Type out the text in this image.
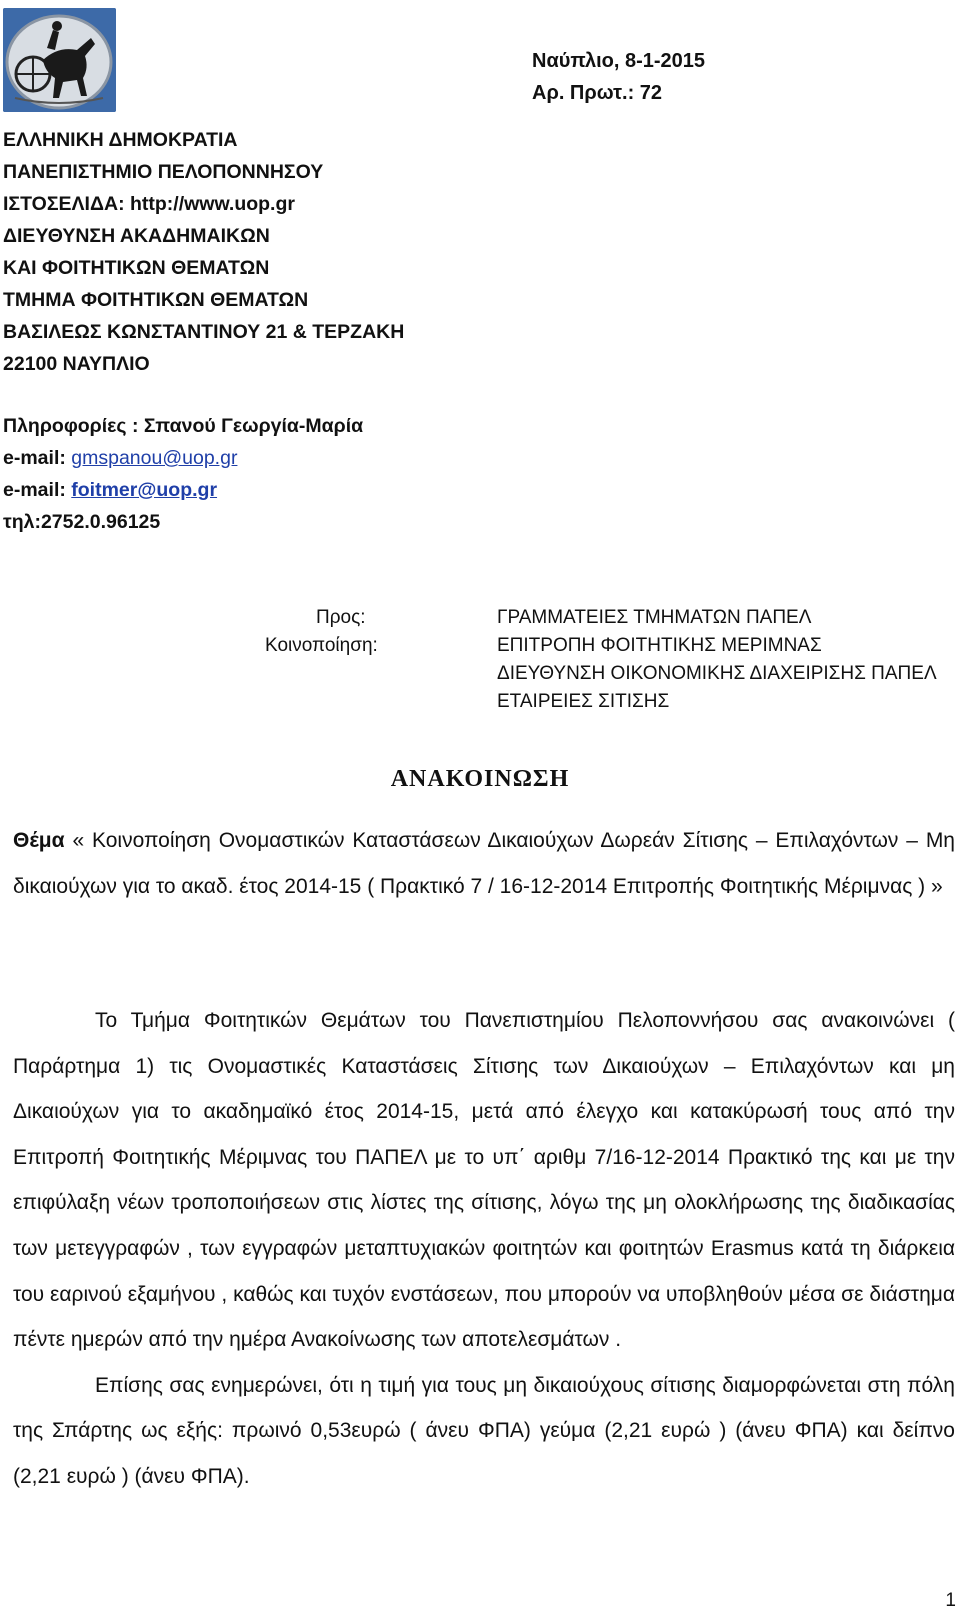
Ναύπλιο, 8-1-2015
Αρ. Πρωτ.: 72
ΕΛΛΗΝΙΚΗ ΔΗΜΟΚΡΑΤΙΑ
ΠΑΝΕΠΙΣΤΗΜΙΟ ΠΕΛΟΠΟΝΝΗΣΟΥ
ΙΣΤΟΣΕΛΙΔΑ: http://www.uop.gr
ΔΙΕΥΘΥΝΣΗ ΑΚΑΔΗΜΑΙΚΩΝ
ΚΑΙ ΦΟΙΤΗΤΙΚΩΝ ΘΕΜΑΤΩΝ
ΤΜΗΜΑ ΦΟΙΤΗΤΙΚΩΝ ΘΕΜΑΤΩΝ
ΒΑΣΙΛΕΩΣ ΚΩΝΣΤΑΝΤΙΝΟΥ 21 & ΤΕΡΖΑΚΗ
22100 ΝΑΥΠΛΙΟ
Πληροφορίες : Σπανού Γεωργία-Μαρία
e-mail: gmspanou@uop.gr
e-mail: foitmer@uop.gr
τηλ:2752.0.96125
Προς:
Κοινοποίηση:
ΓΡΑΜΜΑΤΕΙΕΣ ΤΜΗΜΑΤΩΝ ΠΑΠΕΛ
ΕΠΙΤΡΟΠΗ ΦΟΙΤΗΤΙΚΗΣ ΜΕΡΙΜΝΑΣ
ΔΙΕΥΘΥΝΣΗ ΟΙΚΟΝΟΜΙΚΗΣ ΔΙΑΧΕΙΡΙΣΗΣ ΠΑΠΕΛ
ΕΤΑΙΡΕΙΕΣ ΣΙΤΙΣΗΣ
ΑΝΑΚΟΙΝΩΣΗ
Θέμα « Κοινοποίηση Ονομαστικών Καταστάσεων Δικαιούχων Δωρεάν Σίτισης – Επιλαχόντων – Μη δικαιούχων για το ακαδ. έτος 2014-15 ( Πρακτικό 7 / 16-12-2014 Επιτροπής Φοιτητικής Μέριμνας ) »

Το Τμήμα Φοιτητικών Θεμάτων του Πανεπιστημίου Πελοποννήσου σας ανακοινώνει ( Παράρτημα 1) τις Ονομαστικές Καταστάσεις Σίτισης των Δικαιούχων – Επιλαχόντων και μη Δικαιούχων για το ακαδημαϊκό έτος 2014-15, μετά από έλεγχο και κατακύρωσή τους από την Επιτροπή Φοιτητικής Μέριμνας του ΠΑΠΕΛ με το υπ΄ αριθμ 7/16-12-2014 Πρακτικό της και με την επιφύλαξη νέων τροποποιήσεων στις λίστες της σίτισης, λόγω της μη ολοκλήρωσης της διαδικασίας των μετεγγραφών , των εγγραφών μεταπτυχιακών φοιτητών και φοιτητών Erasmus κατά τη διάρκεια του εαρινού εξαμήνου , καθώς και τυχόν ενστάσεων, που μπορούν να υποβληθούν μέσα σε διάστημα πέντε ημερών από την ημέρα Ανακοίνωσης των αποτελεσμάτων .

Επίσης σας ενημερώνει, ότι η τιμή για τους μη δικαιούχους σίτισης διαμορφώνεται στη πόλη της Σπάρτης ως εξής: πρωινό 0,53ευρώ ( άνευ ΦΠΑ) γεύμα (2,21 ευρώ ) (άνευ ΦΠΑ) και δείπνο (2,21 ευρώ ) (άνευ ΦΠΑ).

1
